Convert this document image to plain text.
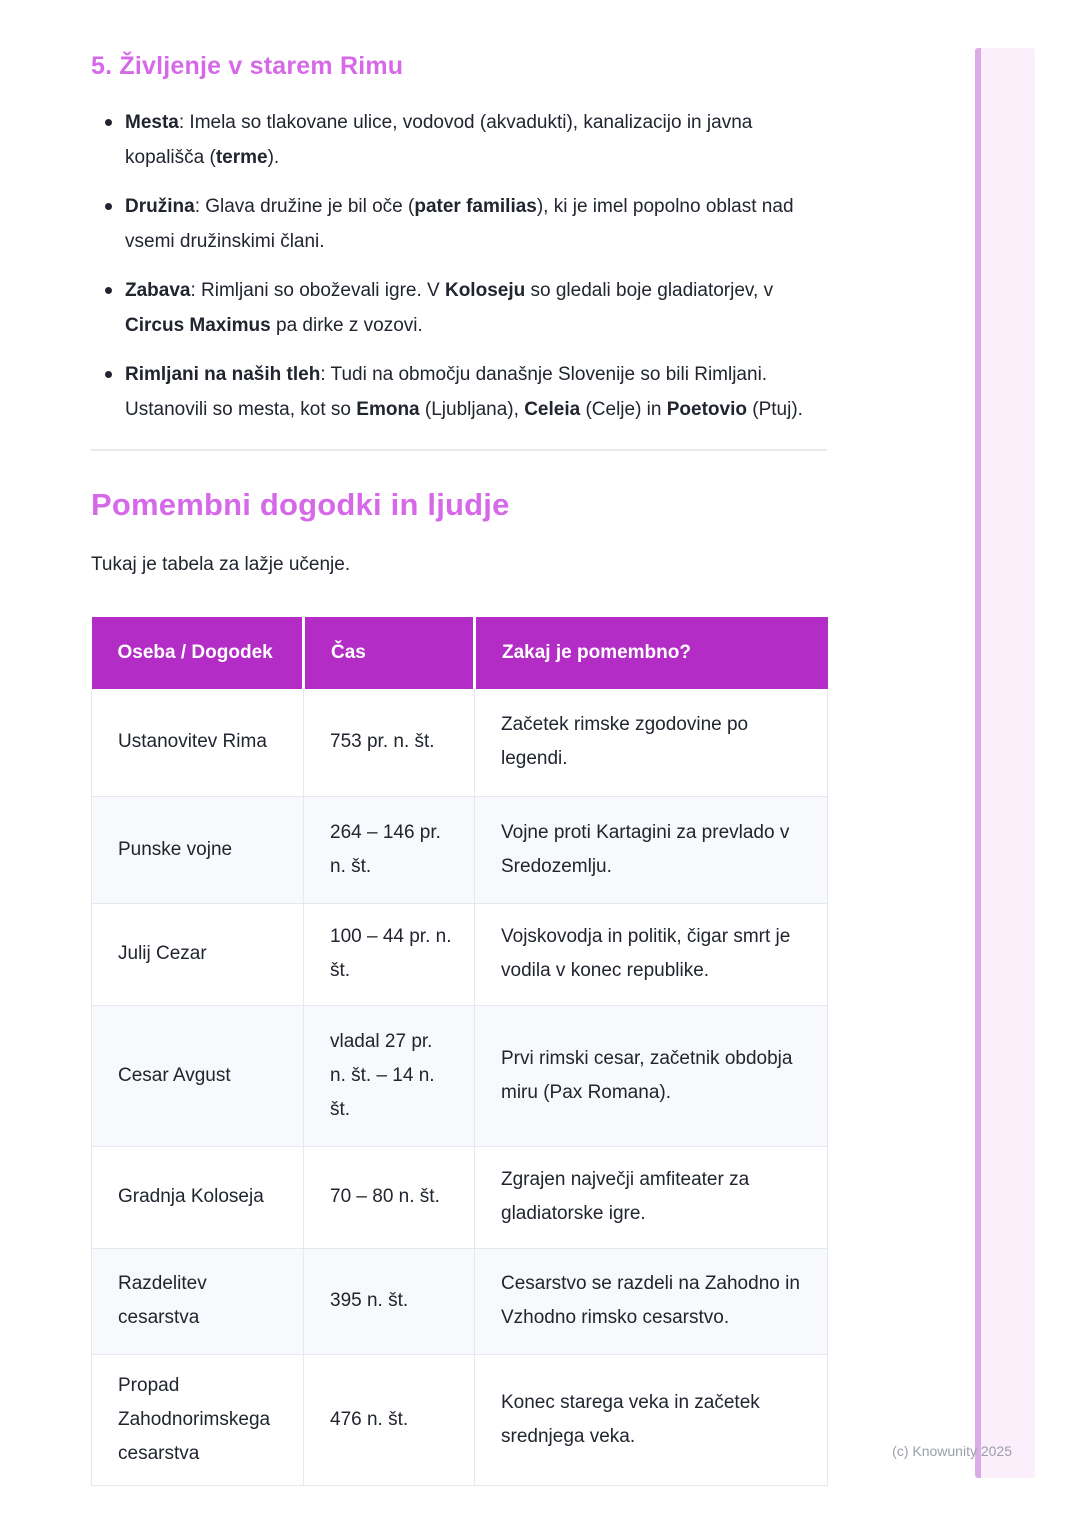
5. Življenje v starem Rimu
Mesta: Imela so tlakovane ulice, vodovod (akvadukti), kanalizacijo in javna kopališča (terme).
Družina: Glava družine je bil oče (pater familias), ki je imel popolno oblast nad vsemi družinskimi člani.
Zabava: Rimljani so oboževali igre. V Koloseju so gledali boje gladiatorjev, v Circus Maximus pa dirke z vozovi.
Rimljani na naših tleh: Tudi na območju današnje Slovenije so bili Rimljani. Ustanovili so mesta, kot so Emona (Ljubljana), Celeia (Celje) in Poetovio (Ptuj).
Pomembni dogodki in ljudje

Tukaj je tabela za lažje učenje.

Oseba / Dogodek	Čas	Zakaj je pomembno?
Ustanovitev Rima	753 pr. n. št.	Začetek rimske zgodovine po legendi.
Punske vojne	264 – 146 pr. n. št.	Vojne proti Kartagini za prevlado v Sredozemlju.
Julij Cezar	100 – 44 pr. n. št.	Vojskovodja in politik, čigar smrt je vodila v konec republike.
Cesar Avgust	vladal 27 pr. n. št. – 14 n. št.	Prvi rimski cesar, začetnik obdobja miru (Pax Romana).
Gradnja Koloseja	70 – 80 n. št.	Zgrajen največji amfiteater za gladiatorske igre.
Razdelitev cesarstva	395 n. št.	Cesarstvo se razdeli na Zahodno in Vzhodno rimsko cesarstvo.
Propad Zahodnorimskega cesarstva	476 n. št.	Konec starega veka in začetek srednjega veka.
(c) Knowunity 2025
